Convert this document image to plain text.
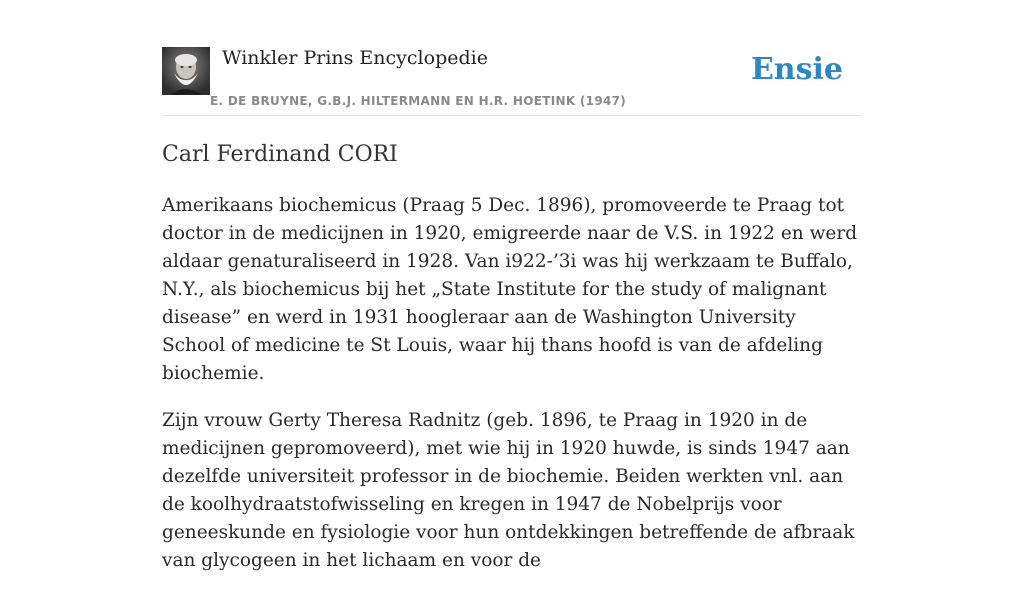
Winkler Prins Encyclopedie
E. DE BRUYNE, G.B.J. HILTERMANN EN H.R. HOETINK (1947)
Ensie
Carl Ferdinand CORI

Amerikaans biochemicus (Praag 5 Dec. 1896), promoveerde te Praag tot doctor in de medicijnen in 1920, emigreerde naar de V.S. in 1922 en werd aldaar genaturaliseerd in 1928. Van i922-’3i was hij werkzaam te Buffalo, N.Y., als biochemicus bij het „State Institute for the study of malignant disease” en werd in 1931 hoogleraar aan de Washington University School of medicine te St Louis, waar hij thans hoofd is van de afdeling biochemie.

Zijn vrouw Gerty Theresa Radnitz (geb. 1896, te Praag in 1920 in de medicijnen gepromoveerd), met wie hij in 1920 huwde, is sinds 1947 aan dezelfde universiteit professor in de biochemie. Beiden werkten vnl. aan de koolhydraatstofwisseling en kregen in 1947 de Nobelprijs voor geneeskunde en fysiologie voor hun ontdekkingen betreffende de afbraak van glycogeen in het lichaam en voor de
